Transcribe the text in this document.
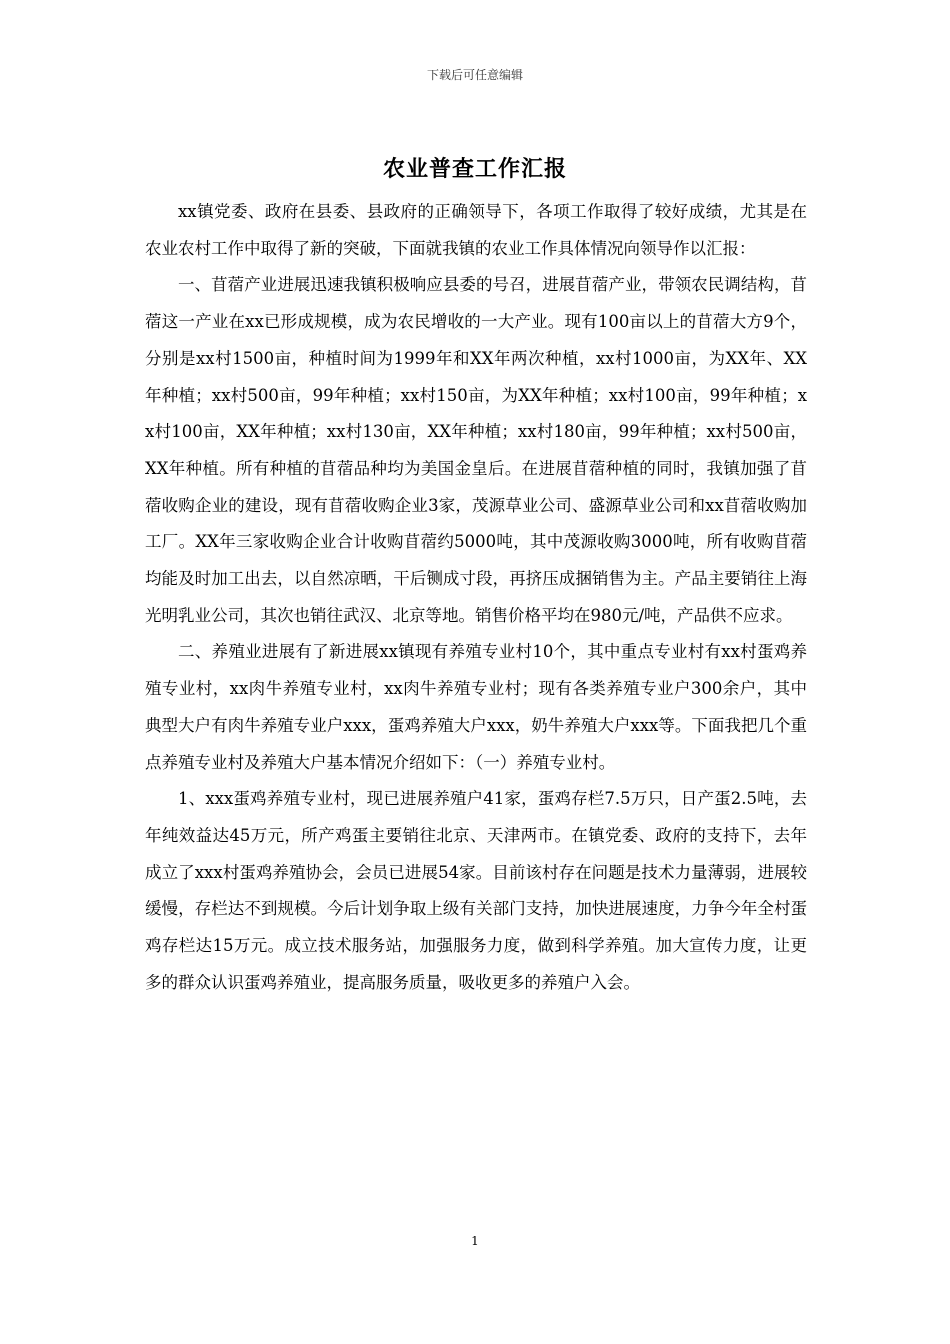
下载后可任意编辑
农业普查工作汇报

xx镇党委、政府在县委、县政府的正确领导下，各项工作取得了较好成绩，尤其是在农业农村工作中取得了新的突破，下面就我镇的农业工作具体情况向领导作以汇报：

一、苜蓿产业进展迅速我镇积极响应县委的号召，进展苜蓿产业，带领农民调结构，苜蓿这一产业在xx已形成规模，成为农民增收的一大产业。现有100亩以上的苜蓿大方9个，分别是xx村1500亩，种植时间为1999年和XX年两次种植，xx村1000亩，为XX年、XX年种植；xx村500亩，99年种植；xx村150亩，为XX年种植；xx村100亩，99年种植；xx村100亩，XX年种植；xx村130亩，XX年种植；xx村180亩，99年种植；xx村500亩，XX年种植。所有种植的苜蓿品种均为美国金皇后。在进展苜蓿种植的同时，我镇加强了苜蓿收购企业的建设，现有苜蓿收购企业3家，茂源草业公司、盛源草业公司和xx苜蓿收购加工厂。XX年三家收购企业合计收购苜蓿约5000吨，其中茂源收购3000吨，所有收购苜蓿均能及时加工出去，以自然凉晒，干后铡成寸段，再挤压成捆销售为主。产品主要销往上海光明乳业公司，其次也销往武汉、北京等地。销售价格平均在980元/吨，产品供不应求。

二、养殖业进展有了新进展xx镇现有养殖专业村10个，其中重点专业村有xx村蛋鸡养殖专业村，xx肉牛养殖专业村，xx肉牛养殖专业村；现有各类养殖专业户300余户，其中典型大户有肉牛养殖专业户xxx，蛋鸡养殖大户xxx，奶牛养殖大户xxx等。下面我把几个重点养殖专业村及养殖大户基本情况介绍如下：（一）养殖专业村。

1、xxx蛋鸡养殖专业村，现已进展养殖户41家，蛋鸡存栏7.5万只，日产蛋2.5吨，去年纯效益达45万元，所产鸡蛋主要销往北京、天津两市。在镇党委、政府的支持下，去年成立了xxx村蛋鸡养殖协会，会员已进展54家。目前该村存在问题是技术力量薄弱，进展较缓慢，存栏达不到规模。今后计划争取上级有关部门支持，加快进展速度，力争今年全村蛋鸡存栏达15万元。成立技术服务站，加强服务力度，做到科学养殖。加大宣传力度，让更多的群众认识蛋鸡养殖业，提高服务质量，吸收更多的养殖户入会。

1
